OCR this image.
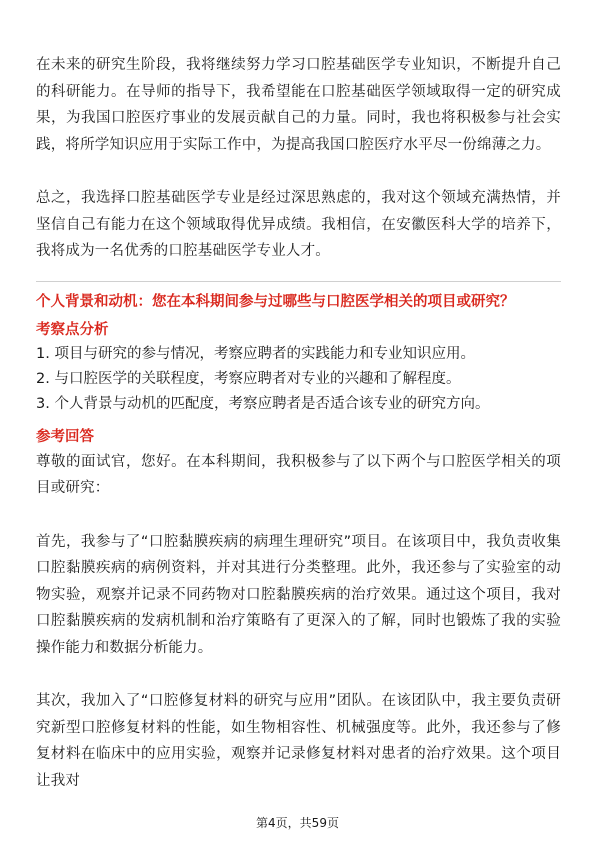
在未来的研究生阶段，我将继续努力学习口腔基础医学专业知识，不断提升自己的科研能力。在导师的指导下，我希望能在口腔基础医学领域取得一定的研究成果，为我国口腔医疗事业的发展贡献自己的力量。同时，我也将积极参与社会实践，将所学知识应用于实际工作中，为提高我国口腔医疗水平尽一份绵薄之力。

总之，我选择口腔基础医学专业是经过深思熟虑的，我对这个领域充满热情，并坚信自己有能力在这个领域取得优异成绩。我相信，在安徽医科大学的培养下，我将成为一名优秀的口腔基础医学专业人才。

个人背景和动机：您在本科期间参与过哪些与口腔医学相关的项目或研究？

考察点分析

1. 项目与研究的参与情况，考察应聘者的实践能力和专业知识应用。

2. 与口腔医学的关联程度，考察应聘者对专业的兴趣和了解程度。

3. 个人背景与动机的匹配度，考察应聘者是否适合该专业的研究方向。

参考回答

尊敬的面试官，您好。在本科期间，我积极参与了以下两个与口腔医学相关的项目或研究：

首先，我参与了“口腔黏膜疾病的病理生理研究”项目。在该项目中，我负责收集口腔黏膜疾病的病例资料，并对其进行分类整理。此外，我还参与了实验室的动物实验，观察并记录不同药物对口腔黏膜疾病的治疗效果。通过这个项目，我对口腔黏膜疾病的发病机制和治疗策略有了更深入的了解，同时也锻炼了我的实验操作能力和数据分析能力。

其次，我加入了“口腔修复材料的研究与应用”团队。在该团队中，我主要负责研究新型口腔修复材料的性能，如生物相容性、机械强度等。此外，我还参与了修复材料在临床中的应用实验，观察并记录修复材料对患者的治疗效果。这个项目让我对

第4页，共59页
